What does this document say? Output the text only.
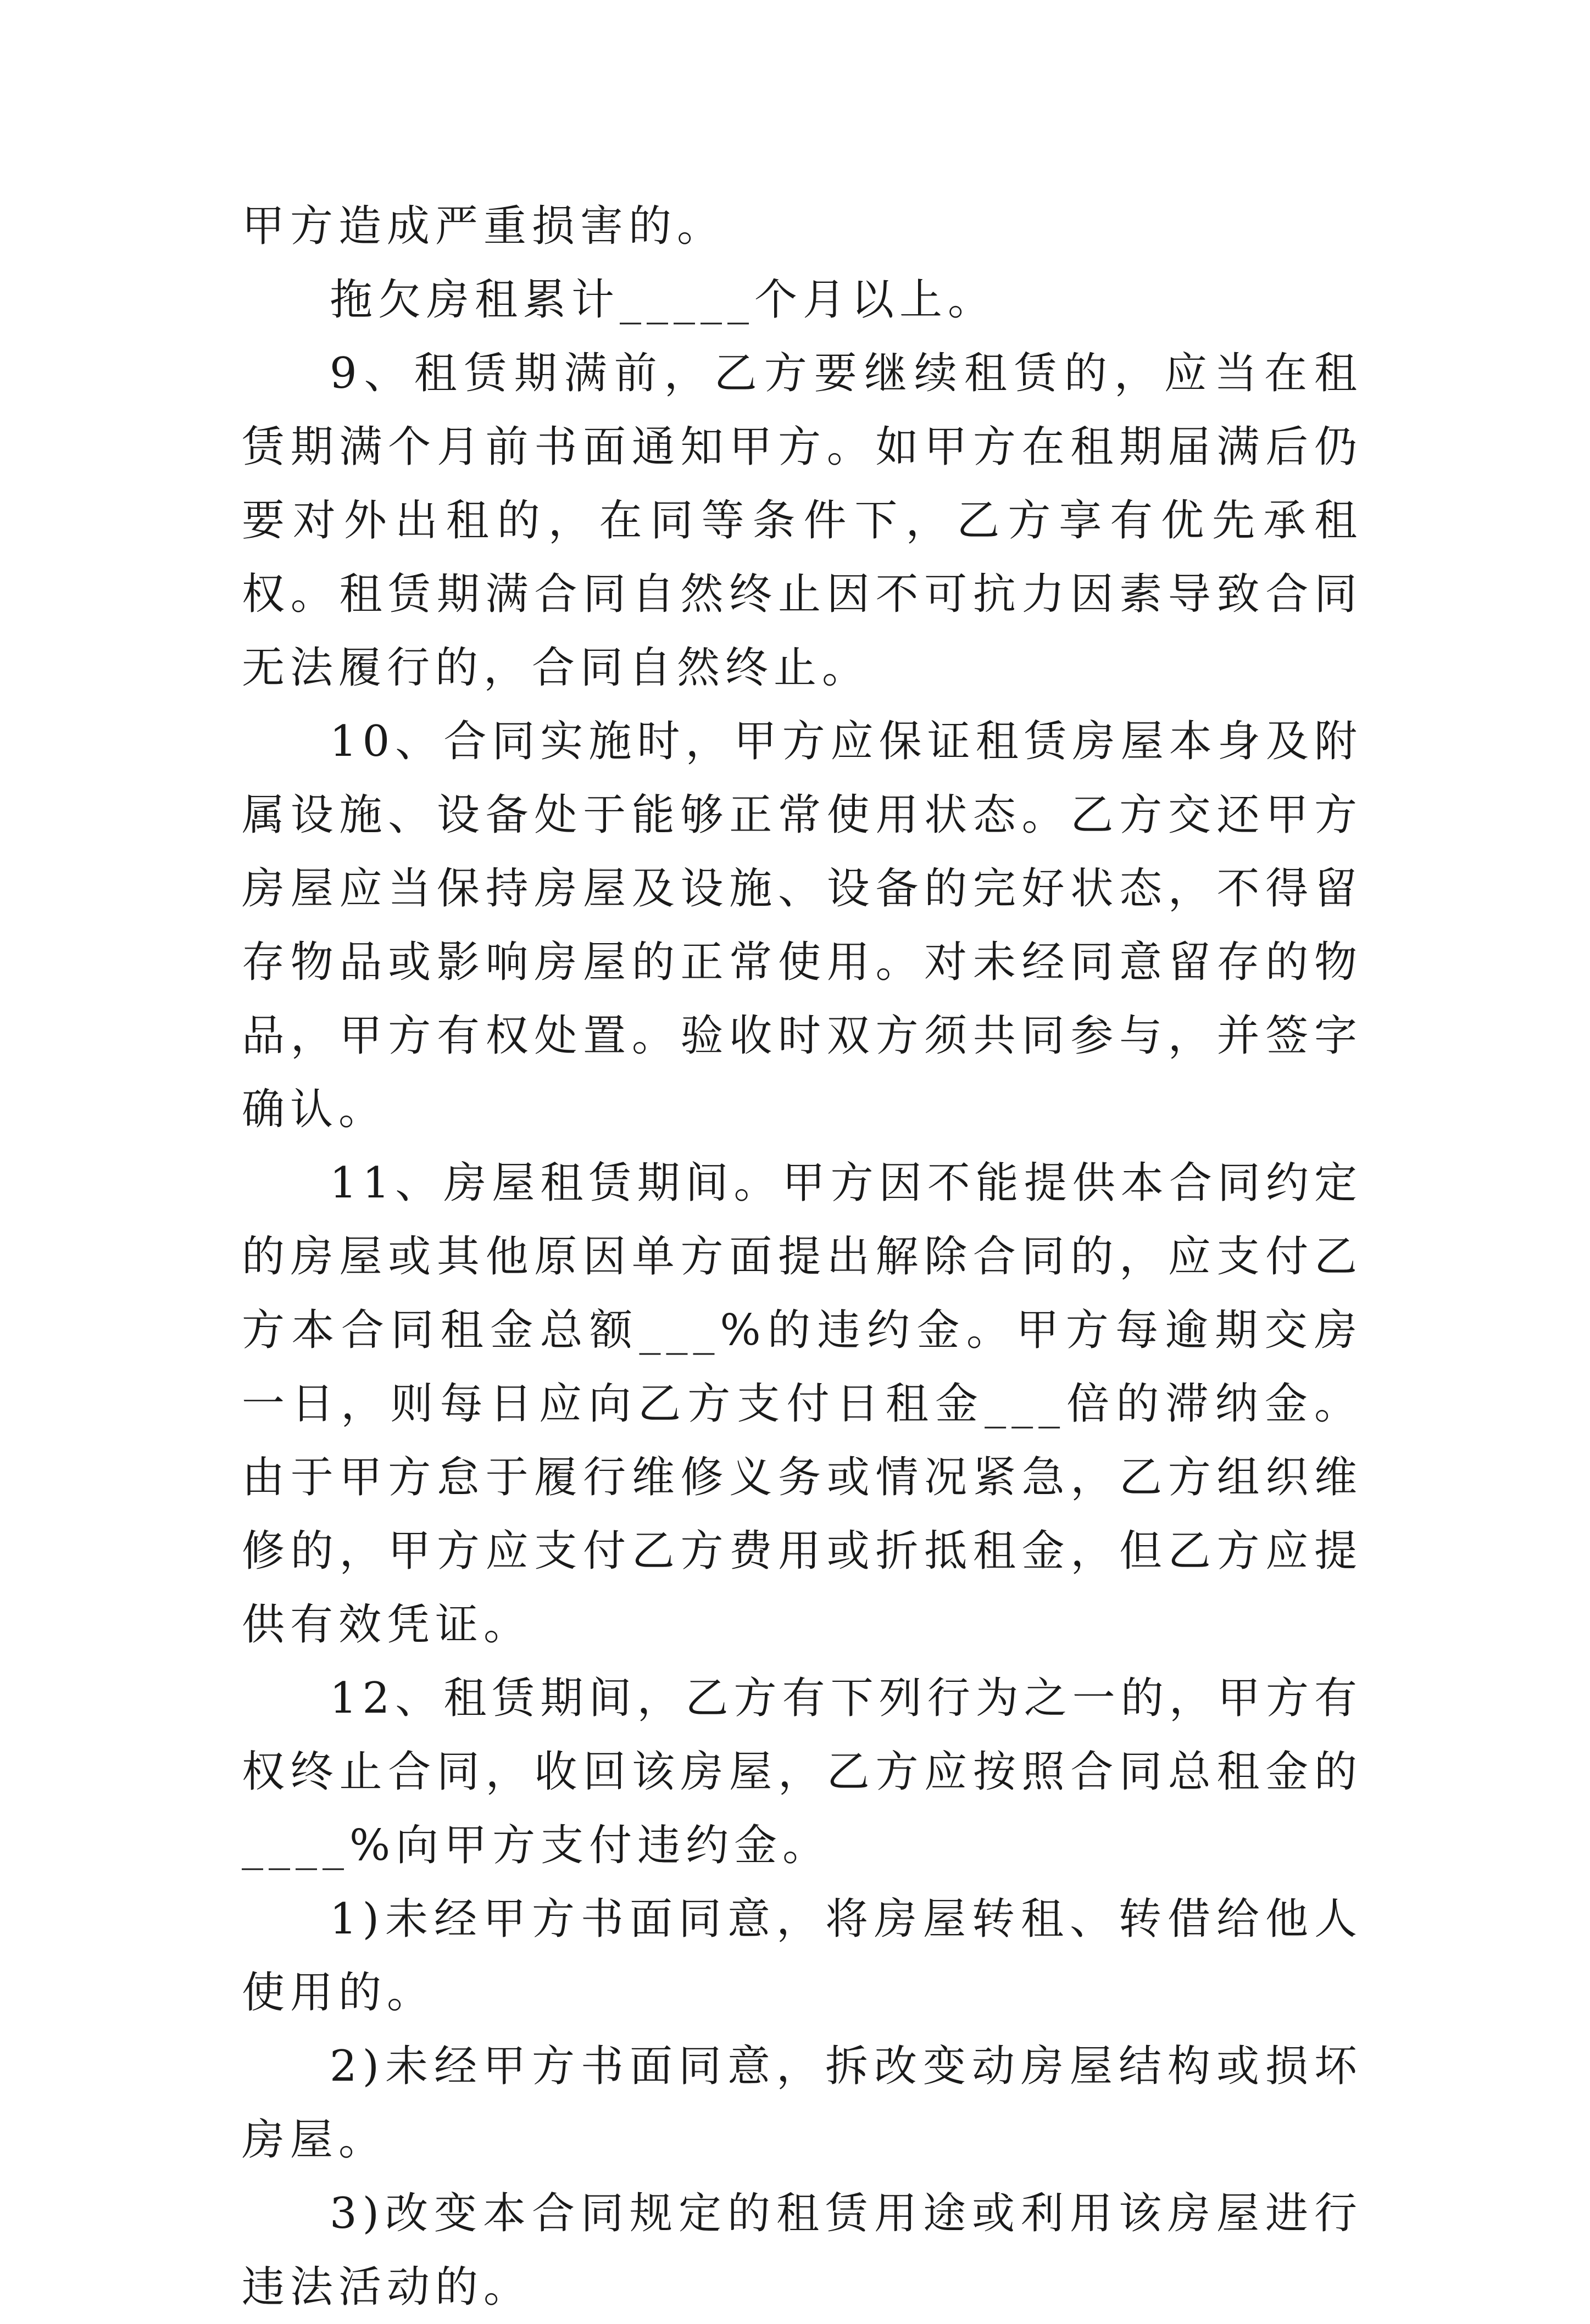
甲方造成严重损害的。

拖欠房租累计_____个月以上。

9、租赁期满前，乙方要继续租赁的，应当在租赁期满个月前书面通知甲方。如甲方在租期届满后仍要对外出租的，在同等条件下，乙方享有优先承租权。租赁期满合同自然终止因不可抗力因素导致合同无法履行的，合同自然终止。

10、合同实施时，甲方应保证租赁房屋本身及附属设施、设备处于能够正常使用状态。乙方交还甲方房屋应当保持房屋及设施、设备的完好状态，不得留存物品或影响房屋的正常使用。对未经同意留存的物品，甲方有权处置。验收时双方须共同参与，并签字确认。

11、房屋租赁期间。甲方因不能提供本合同约定的房屋或其他原因单方面提出解除合同的，应支付乙方本合同租金总额___%的违约金。甲方每逾期交房一日，则每日应向乙方支付日租金___倍的滞纳金。由于甲方怠于履行维修义务或情况紧急，乙方组织维修的，甲方应支付乙方费用或折抵租金，但乙方应提供有效凭证。

12、租赁期间，乙方有下列行为之一的，甲方有权终止合同，收回该房屋，乙方应按照合同总租金的____%向甲方支付违约金。

1)未经甲方书面同意，将房屋转租、转借给他人使用的。

2)未经甲方书面同意，拆改变动房屋结构或损坏房屋。

3)改变本合同规定的租赁用途或利用该房屋进行违法活动的。
